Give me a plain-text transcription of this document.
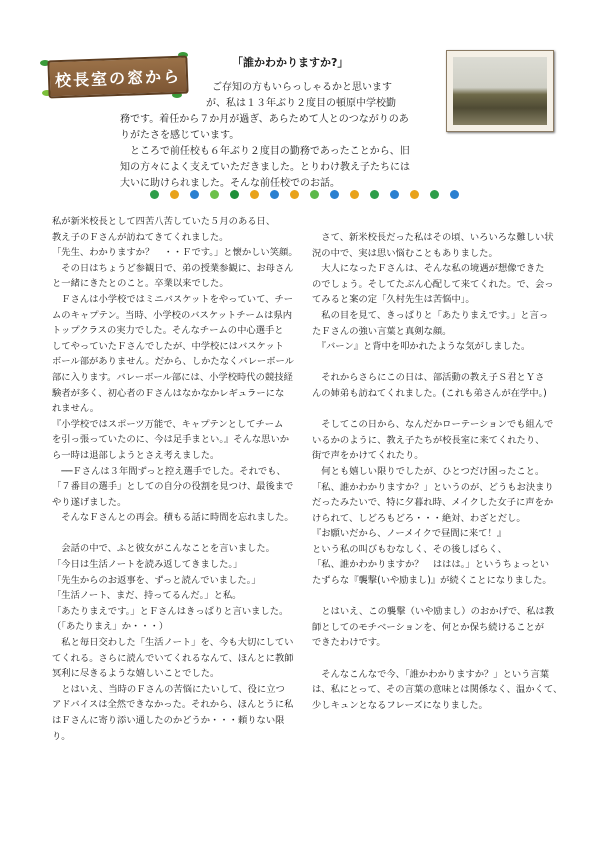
校長室の窓から
「誰かわかりますか?」
ご存知の方もいらっしゃるかと思います
が、私は１３年ぶり２度目の頓原中学校勤
務です。着任から７か月が過ぎ、あらためて人とのつながりのあ
りがたさを感じています。
ところで前任校も６年ぶり２度目の勤務であったことから、旧
知の方々によく支えていただきました。とりわけ教え子たちには
大いに助けられました。そんな前任校でのお話。

私が新米校長として四苦八苦していた５月のある日、

教え子のＦさんが訪ねてきてくれました。

「先生、わかりますか？　・・Ｆです。」と懐かしい笑顔。

　その日はちょうど参観日で、弟の授業参観に、お母さん

と一緒にきたとのこと。卒業以来でした。

　Ｆさんは小学校ではミニバスケットをやっていて、チー

ムのキャプテン。当時、小学校のバスケットチームは県内

トップクラスの実力でした。そんなチームの中心選手と

してやっていたＦさんでしたが、中学校にはバスケット

ボール部がありません。だから、しかたなくバレーボール

部に入ります。バレーボール部には、小学校時代の競技経

験者が多く、初心者のＦさんはなかなかレギュラーにな

れません。

『小学校ではスポーツ万能で、キャプテンとしてチーム

を引っ張っていたのに、今は足手まとい。』そんな思いか

ら一時は退部しようとさえ考えました。

　──Ｆさんは３年間ずっと控え選手でした。それでも、

「７番目の選手」としての自分の役割を見つけ、最後まで

やり遂げました。

　そんなＦさんとの再会。積もる話に時間を忘れました。

　会話の中で、ふと彼女がこんなことを言いました。

「今日は生活ノートを読み返してきました。」

「先生からのお返事を、ずっと読んでいました。」

「生活ノート、まだ、持ってるんだ。」と私。

「あたりまえです。」とＦさんはきっぱりと言いました。

（「あたりまえ」か・・・）

　私と毎日交わした「生活ノート」を、今も大切にしてい

てくれる。さらに読んでいてくれるなんて、ほんとに教師

冥利に尽きるような嬉しいことでした。

　とはいえ、当時のＦさんの苦悩にたいして、役に立つ

アドバイスは全然できなかった。それから、ほんとうに私

はＦさんに寄り添い通したのかどうか・・・頼りない限

り。

　さて、新米校長だった私はその頃、いろいろな難しい状

況の中で、実は思い悩むこともありました。

　大人になったＦさんは、そんな私の境遇が想像できた

のでしょう。そしてたぶん心配して来てくれた。で、会っ

てみると案の定「久村先生は苦悩中」。

　私の目を見て、きっぱりと「あたりまえです。」と言っ

たＦさんの強い言葉と真剣な顔。

　『バーン』と背中を叩かれたような気がしました。

　それからさらにこの日は、部活動の教え子Ｓ君とＹさ

んの姉弟も訪ねてくれました。(これも弟さんが在学中。)

　そしてこの日から、なんだかローテーションでも組んで

いるかのように、教え子たちが校長室に来てくれたり、

街で声をかけてくれたり。

　何とも嬉しい限りでしたが、ひとつだけ困ったこと。

「私、誰かわかりますか？」というのが、どうもお決まり

だったみたいで、特に夕暮れ時、メイクした女子に声をか

けられて、しどろもどろ・・・絶対、わざとだし。

『お願いだから、ノーメイクで昼間に来て！』

という私の叫びもむなしく、その後しばらく、

「私、誰かわかりますか？　ははは。」というちょっとい

たずらな『襲撃(いや励まし)』が続くことになりました。

　とはいえ、この襲撃（いや励まし）のおかげで、私は教

師としてのモチベーションを、何とか保ち続けることが

できたわけです。

　そんなこんなで今、「誰かわかりますか？」という言葉

は、私にとって、その言葉の意味とは関係なく、温かくて、

少しキュンとなるフレーズになりました。
